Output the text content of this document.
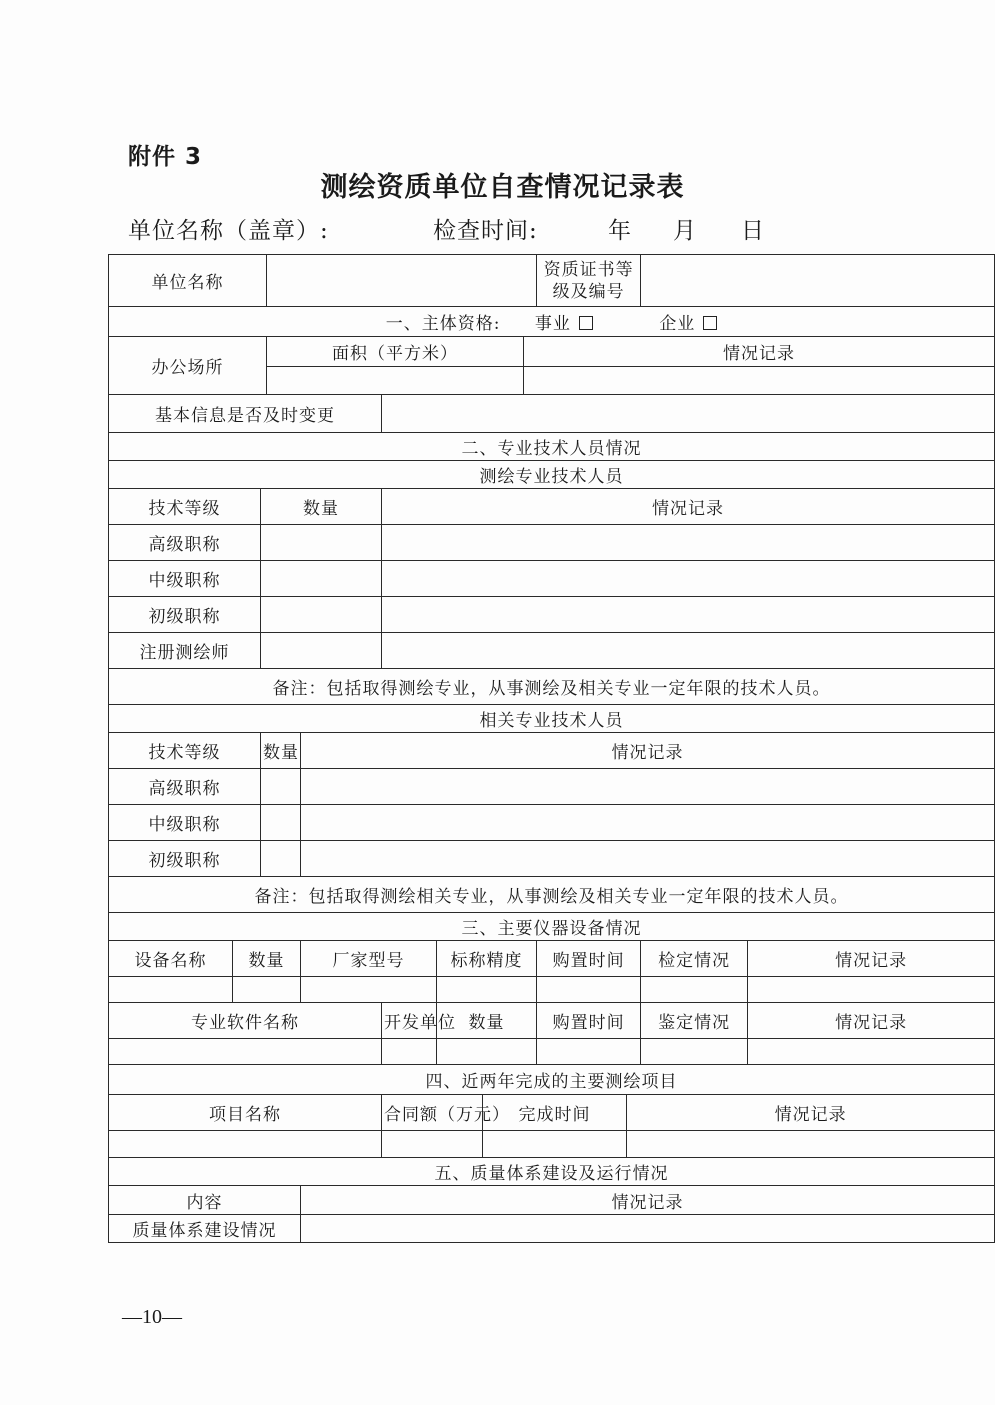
附件 3
测绘资质单位自查情况记录表
单位名称（盖章）:	检查时间:	年 月 日
单位名称									资质证书等级及编号			
一、主体资格: 事业 企业												
办公场所			面积（平方米）					情况记录				

基本信息是否及时变更												
二、专业技术人员情况												
测绘专业技术人员												
技术等级		数量			情况记录							
高级职称												
中级职称												
初级职称												
注册测绘师												
备注：包括取得测绘专业，从事测绘及相关专业一定年限的技术人员。												
相关专业技术人员												
技术等级		数量		情况记录								
高级职称												
中级职称												
初级职称												
备注：包括取得测绘相关专业，从事测绘及相关专业一定年限的技术人员。												
三、主要仪器设备情况												
设备名称	数量			厂家型号		标称精度			购置时间		检定情况	情况记录

专业软件名称					开发单位	数量			购置时间		鉴定情况	情况记录

四、近两年完成的主要测绘项目												
项目名称					合同额（万元）		完成时间			情况记录		

五、质量体系建设及运行情况												
内容				情况记录								
质量体系建设情况												
—10—
